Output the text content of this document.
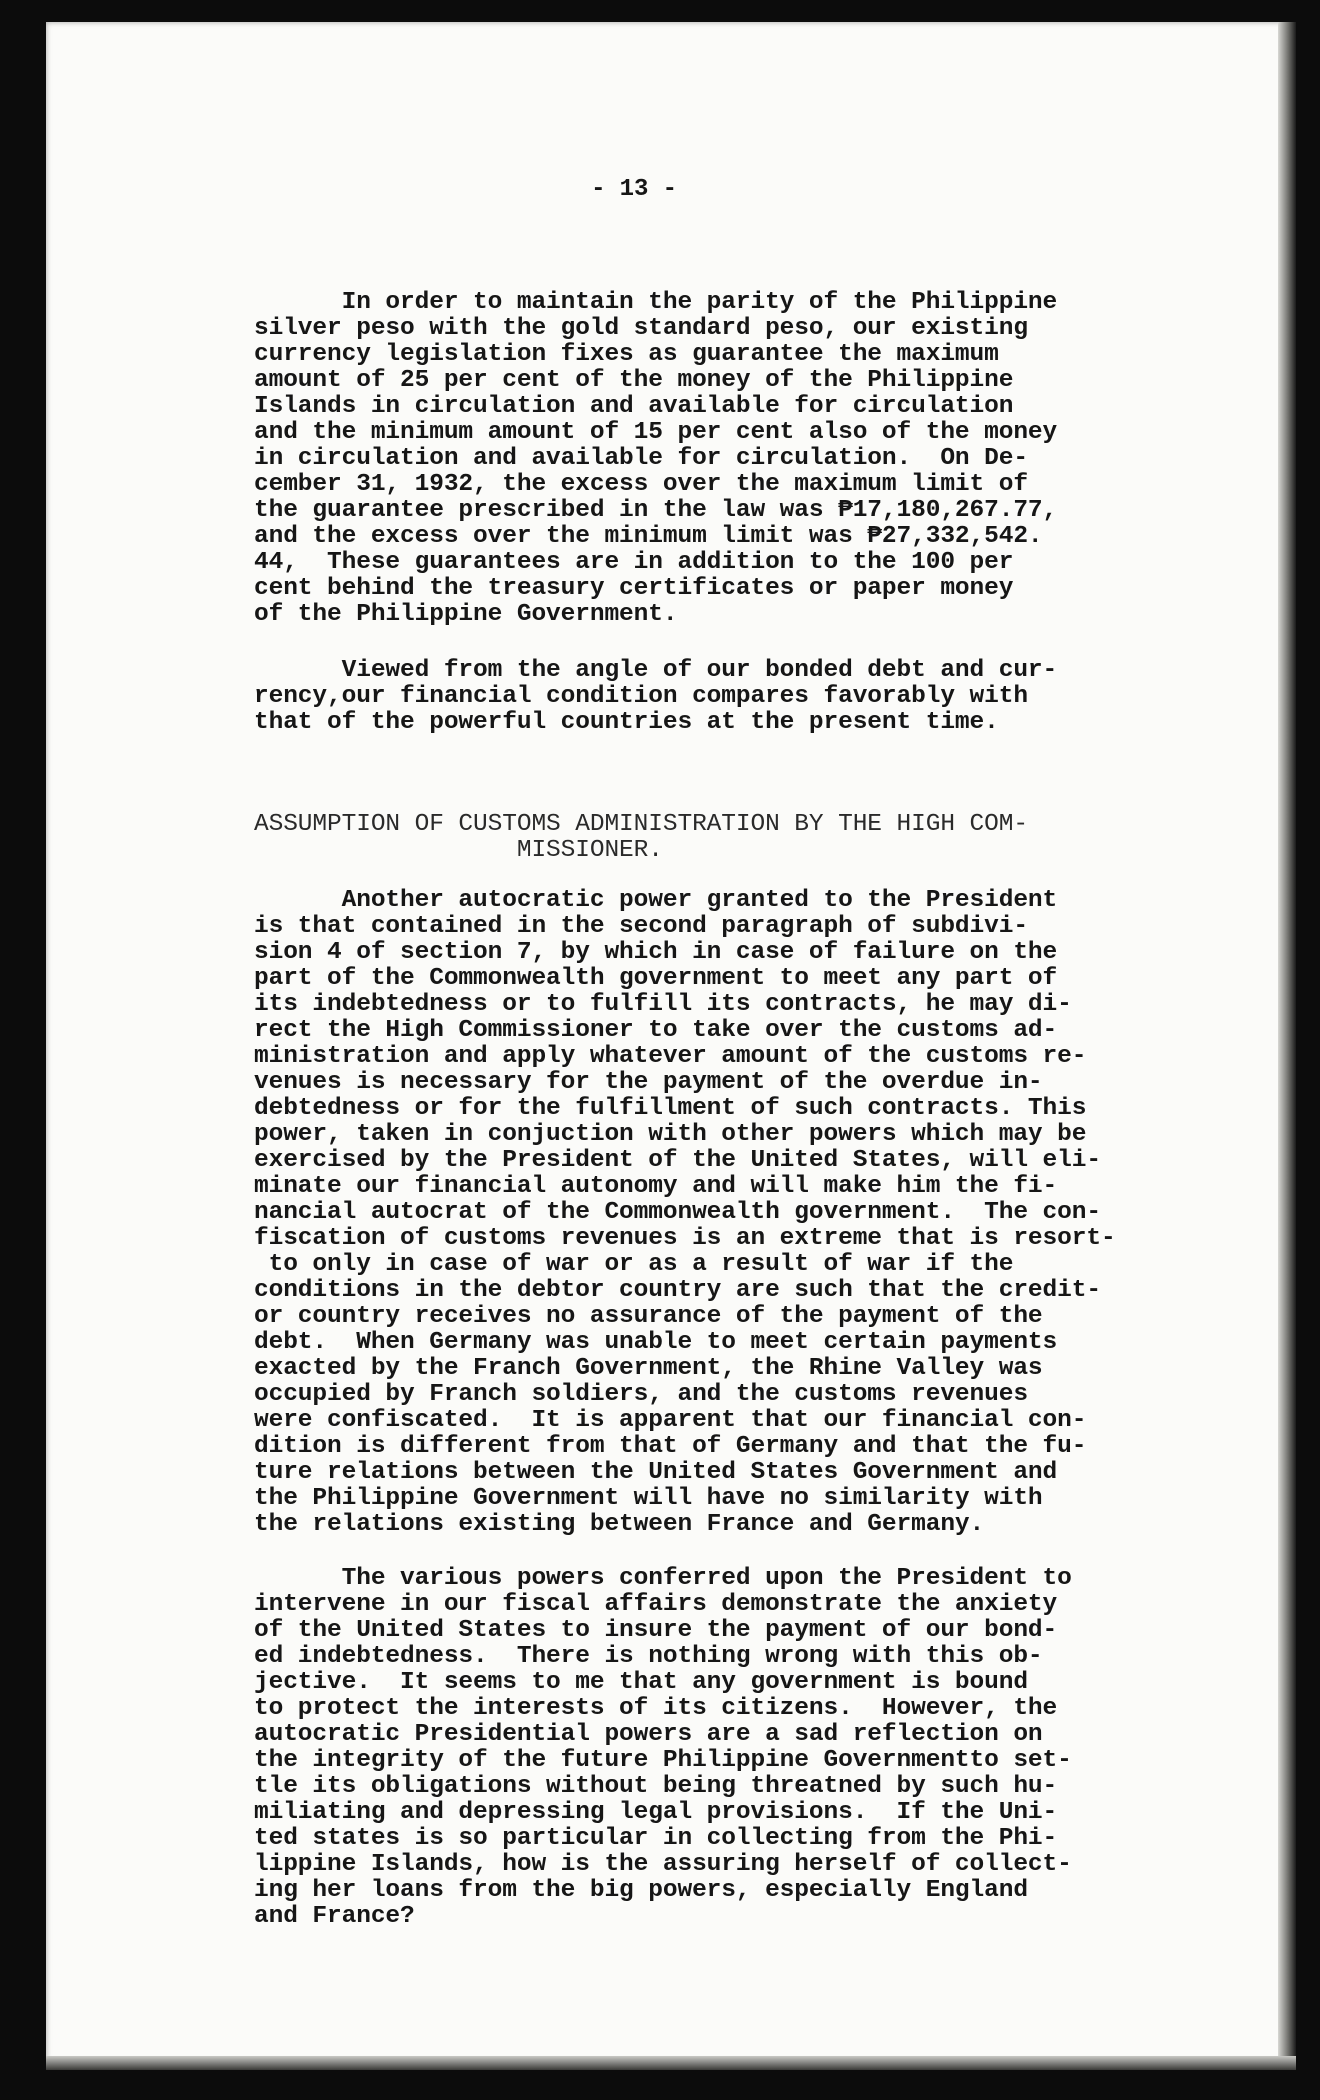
- 13 -

In order to maintain the parity of the Philippine
silver peso with the gold standard peso, our existing
currency legislation fixes as guarantee the maximum
amount of 25 per cent of the money of the Philippine
Islands in circulation and available for circulation
and the minimum amount of 15 per cent also of the money
in circulation and available for circulation.  On De-
cember 31, 1932, the excess over the maximum limit of
the guarantee prescribed in the law was ₱17,180,267.77,
and the excess over the minimum limit was ₱27,332,542.
44,  These guarantees are in addition to the 100 per
cent behind the treasury certificates or paper money
of the Philippine Government.

Viewed from the angle of our bonded debt and cur-
rency,our financial condition compares favorably with
that of the powerful countries at the present time.

ASSUMPTION OF CUSTOMS ADMINISTRATION BY THE HIGH COM-
MISSIONER.

Another autocratic power granted to the President
is that contained in the second paragraph of subdivi-
sion 4 of section 7, by which in case of failure on the
part of the Commonwealth government to meet any part of
its indebtedness or to fulfill its contracts, he may di-
rect the High Commissioner to take over the customs ad-
ministration and apply whatever amount of the customs re-
venues is necessary for the payment of the overdue in-
debtedness or for the fulfillment of such contracts. This
power, taken in conjuction with other powers which may be
exercised by the President of the United States, will eli-
minate our financial autonomy and will make him the fi-
nancial autocrat of the Commonwealth government.  The con-
fiscation of customs revenues is an extreme that is resort-
to only in case of war or as a result of war if the
conditions in the debtor country are such that the credit-
or country receives no assurance of the payment of the
debt.  When Germany was unable to meet certain payments
exacted by the Franch Government, the Rhine Valley was
occupied by Franch soldiers, and the customs revenues
were confiscated.  It is apparent that our financial con-
dition is different from that of Germany and that the fu-
ture relations between the United States Government and
the Philippine Government will have no similarity with
the relations existing between France and Germany.

The various powers conferred upon the President to
intervene in our fiscal affairs demonstrate the anxiety
of the United States to insure the payment of our bond-
ed indebtedness.  There is nothing wrong with this ob-
jective.  It seems to me that any government is bound
to protect the interests of its citizens.  However, the
autocratic Presidential powers are a sad reflection on
the integrity of the future Philippine Governmentto set-
tle its obligations without being threatned by such hu-
miliating and depressing legal provisions.  If the Uni-
ted states is so particular in collecting from the Phi-
lippine Islands, how is the assuring herself of collect-
ing her loans from the big powers, especially England
and France?
